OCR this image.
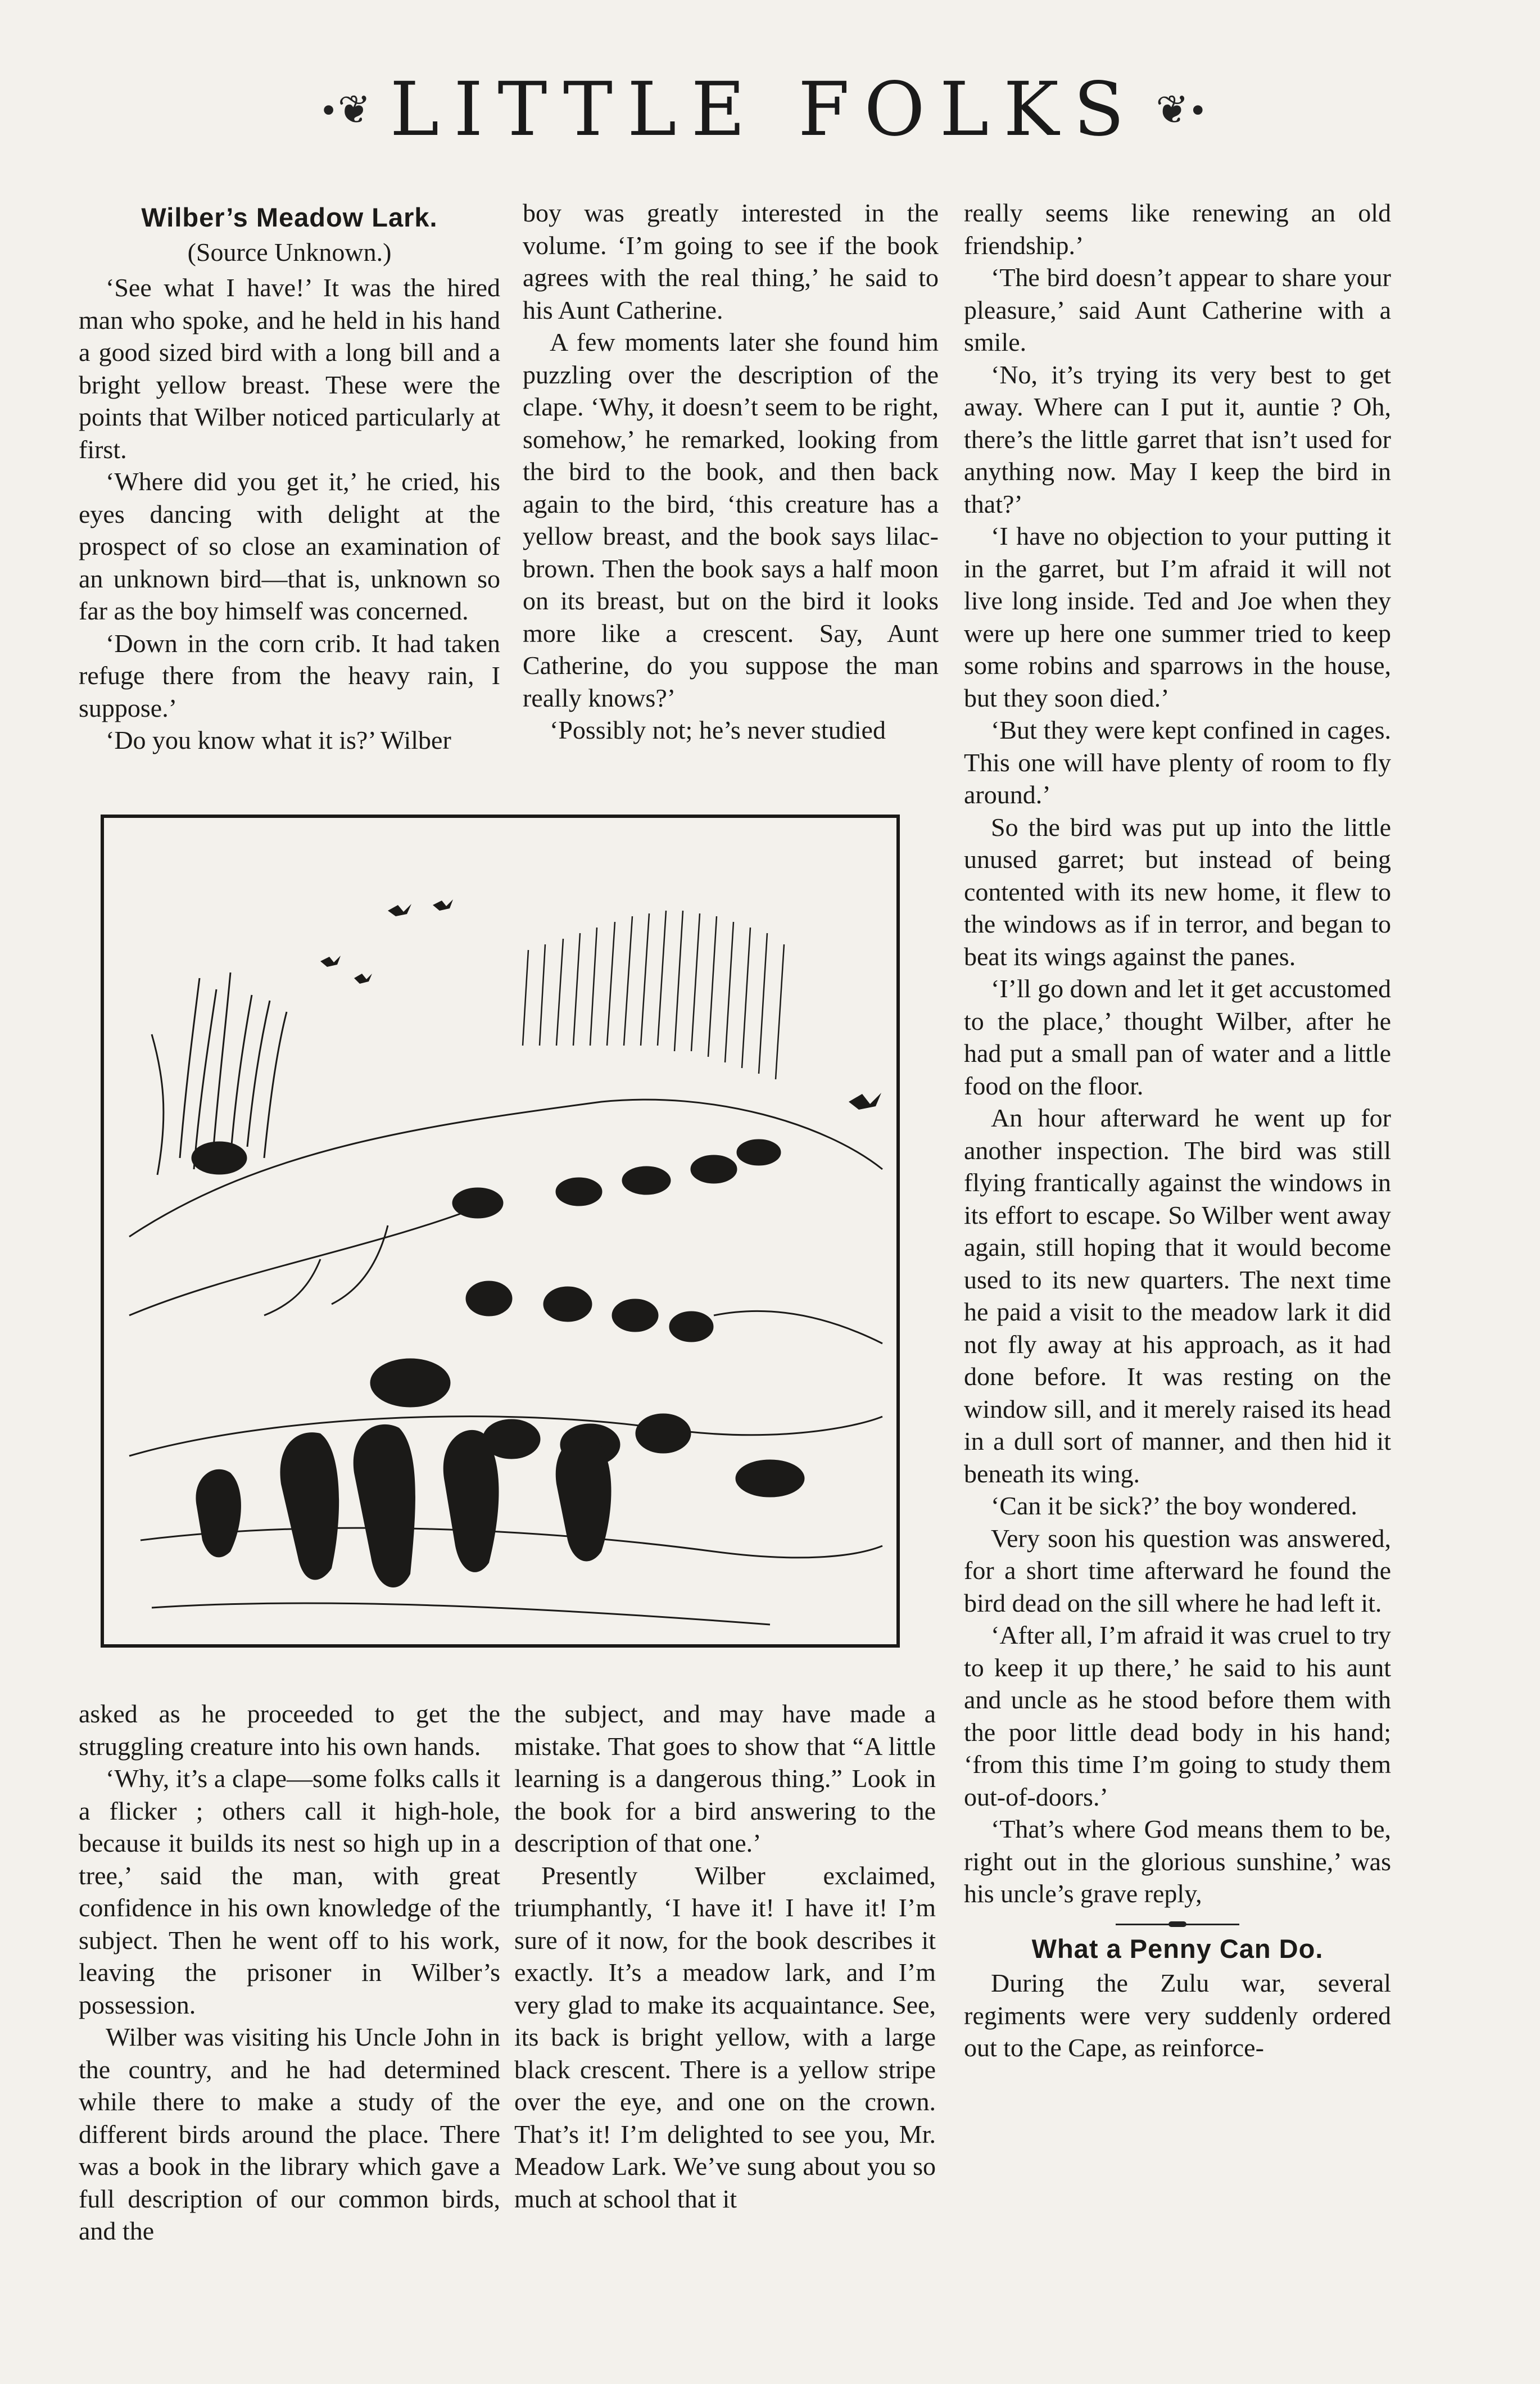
•❦ LITTLE FOLKS ❦•
Wilber’s Meadow Lark.
(Source Unknown.)

‘See what I have!’ It was the hired man who spoke, and he held in his hand a good sized bird with a long bill and a bright yellow breast. These were the points that Wilber noticed particularly at first.

‘Where did you get it,’ he cried, his eyes dancing with delight at the prospect of so close an examination of an unknown bird—that is, unknown so far as the boy himself was concerned.

‘Down in the corn crib. It had taken refuge there from the heavy rain, I suppose.’

‘Do you know what it is?’ Wilber

boy was greatly interested in the volume. ‘I’m going to see if the book agrees with the real thing,’ he said to his Aunt Catherine.

A few moments later she found him puzzling over the description of the clape. ‘Why, it doesn’t seem to be right, somehow,’ he remarked, looking from the bird to the book, and then back again to the bird, ‘this creature has a yellow breast, and the book says lilac-brown. Then the book says a half moon on its breast, but on the bird it looks more like a crescent. Say, Aunt Catherine, do you suppose the man really knows?’

‘Possibly not; he’s never studied

really seems like renewing an old friendship.’

‘The bird doesn’t appear to share your pleasure,’ said Aunt Catherine with a smile.

‘No, it’s trying its very best to get away. Where can I put it, auntie ? Oh, there’s the little garret that isn’t used for anything now. May I keep the bird in that?’

‘I have no objection to your putting it in the garret, but I’m afraid it will not live long inside. Ted and Joe when they were up here one summer tried to keep some robins and sparrows in the house, but they soon died.’

‘But they were kept confined in cages. This one will have plenty of room to fly around.’

So the bird was put up into the little unused garret; but instead of being contented with its new home, it flew to the windows as if in terror, and began to beat its wings against the panes.

‘I’ll go down and let it get accustomed to the place,’ thought Wilber, after he had put a small pan of water and a little food on the floor.

An hour afterward he went up for another inspection. The bird was still flying frantically against the windows in its effort to escape. So Wilber went away again, still hoping that it would become used to its new quarters. The next time he paid a visit to the meadow lark it did not fly away at his approach, as it had done before. It was resting on the window sill, and it merely raised its head in a dull sort of manner, and then hid it beneath its wing.

‘Can it be sick?’ the boy wondered.

Very soon his question was answered, for a short time afterward he found the bird dead on the sill where he had left it.

‘After all, I’m afraid it was cruel to try to keep it up there,’ he said to his aunt and uncle as he stood before them with the poor little dead body in his hand; ‘from this time I’m going to study them out-of-doors.’

‘That’s where God means them to be, right out in the glorious sunshine,’ was his uncle’s grave reply,

What a Penny Can Do.

During the Zulu war, several regiments were very suddenly ordered out to the Cape, as reinforce-

asked as he proceeded to get the struggling creature into his own hands.

‘Why, it’s a clape—some folks calls it a flicker ; others call it high-hole, because it builds its nest so high up in a tree,’ said the man, with great confidence in his own knowledge of the subject. Then he went off to his work, leaving the prisoner in Wilber’s possession.

Wilber was visiting his Uncle John in the country, and he had determined while there to make a study of the different birds around the place. There was a book in the library which gave a full description of our common birds, and the

the subject, and may have made a mistake. That goes to show that “A little learning is a dangerous thing.” Look in the book for a bird answering to the description of that one.’

Presently Wilber exclaimed, triumphantly, ‘I have it! I have it! I’m sure of it now, for the book describes it exactly. It’s a meadow lark, and I’m very glad to make its acquaintance. See, its back is bright yellow, with a large black crescent. There is a yellow stripe over the eye, and one on the crown. That’s it! I’m delighted to see you, Mr. Meadow Lark. We’ve sung about you so much at school that it
